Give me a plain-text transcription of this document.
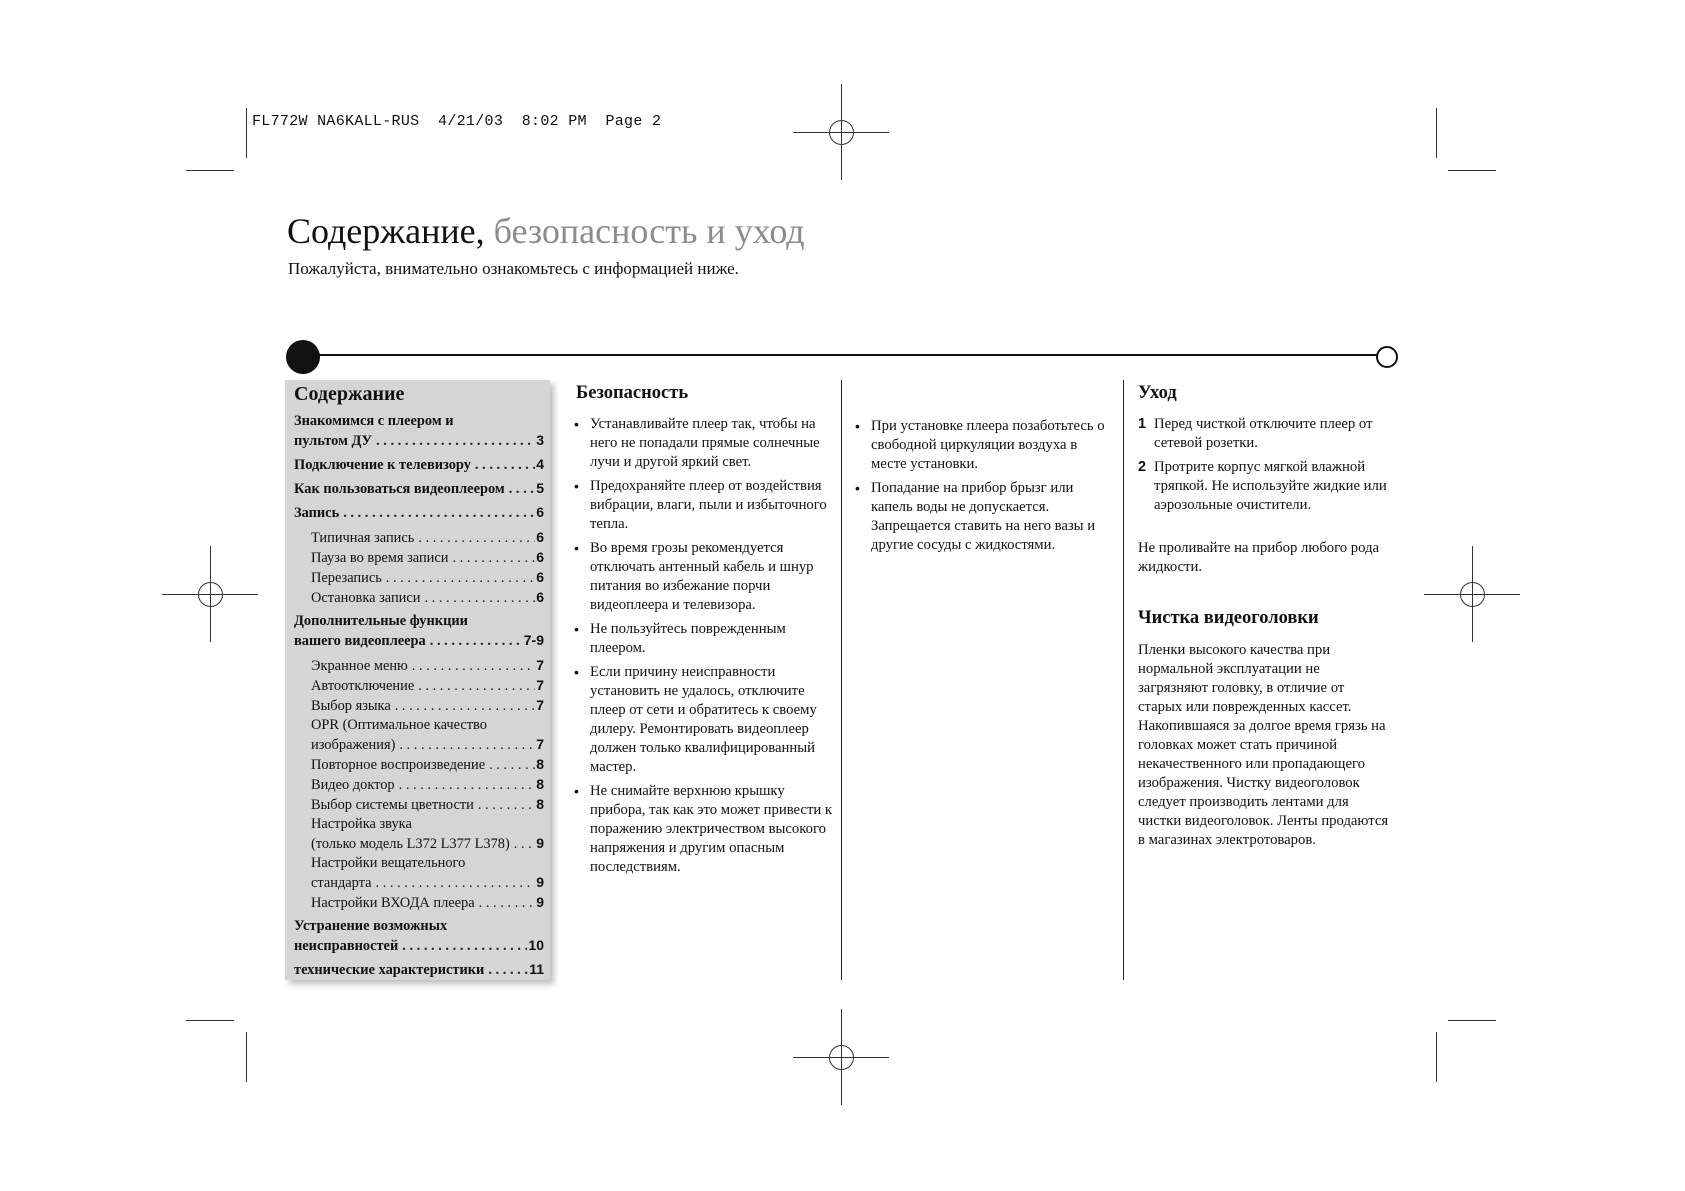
FL772W NA6KALL-RUS  4/21/03  8:02 PM  Page 2
Содержание, безопасность и уход
Пожалуйста, внимательно ознакомьтесь с информацией ниже.
Содержание
Знакомимся с плеером и
пультом ДУ . . .	3
Подключение к телевизору . . .	4
Как пользоваться видеоплеером . . . 5
Запись . . .	6
Типичная запись . . .	6
Пауза во время записи . . .	6
Перезапись . . .	6
Остановка записи . . .	6
Дополнительные функции
вашего видеоплеера . . .	7-9
Экранное меню . . .	7
Автоотключение . . .	7
Выбор языка . . .	7
OPR (Оптимальное качество
изображения) . . .	7
Повторное воспроизведение . . .	8
Видео доктор . . .	8
Выбор системы цветности . . .	8
Настройка звука
(только модель L372 L377 L378) . . . 9
Настройки вещательного
стандарта . . .	9
Настройки ВХОДА плеера . . .	9
Устранение возможных
неисправностей . . .	10
технические характеристики . . .	11
Безопасность
• Устанавливайте плеер так, чтобы на него не попадали прямые солнечные лучи и другой яркий свет.
• Предохраняйте плеер от воздействия вибрации, влаги, пыли и избыточного тепла.
• Во время грозы рекомендуется отключать антенный кабель и шнур питания во избежание порчи видеоплеера и телевизора.
• Не пользуйтесь поврежденным плеером.
• Если причину неисправности установить не удалось, отключите плеер от сети и обратитесь к своему дилеру. Ремонтировать видеоплеер должен только квалифицированный мастер.
• Не снимайте верхнюю крышку прибора, так как это может привести к поражению электричеством высокого напряжения и другим опасным последствиям.
• При установке плеера позаботьтесь о свободной циркуляции воздуха в месте установки.
• Попадание на прибор брызг или капель воды не допускается. Запрещается ставить на него вазы и другие сосуды с жидкостями.
Уход
1 Перед чисткой отключите плеер от сетевой розетки.
2 Протрите корпус мягкой влажной тряпкой. Не используйте жидкие или аэрозольные очистители.
Не проливайте на прибор любого рода жидкости.
Чистка видеоголовки
Пленки высокого качества при нормальной эксплуатации не загрязняют головку, в отличие от старых или поврежденных кассет. Накопившаяся за долгое время грязь на головках может стать причиной некачественного или пропадающего изображения. Чистку видеоголовок следует производить лентами для чистки видеоголовок. Ленты продаются в магазинах электротоваров.
